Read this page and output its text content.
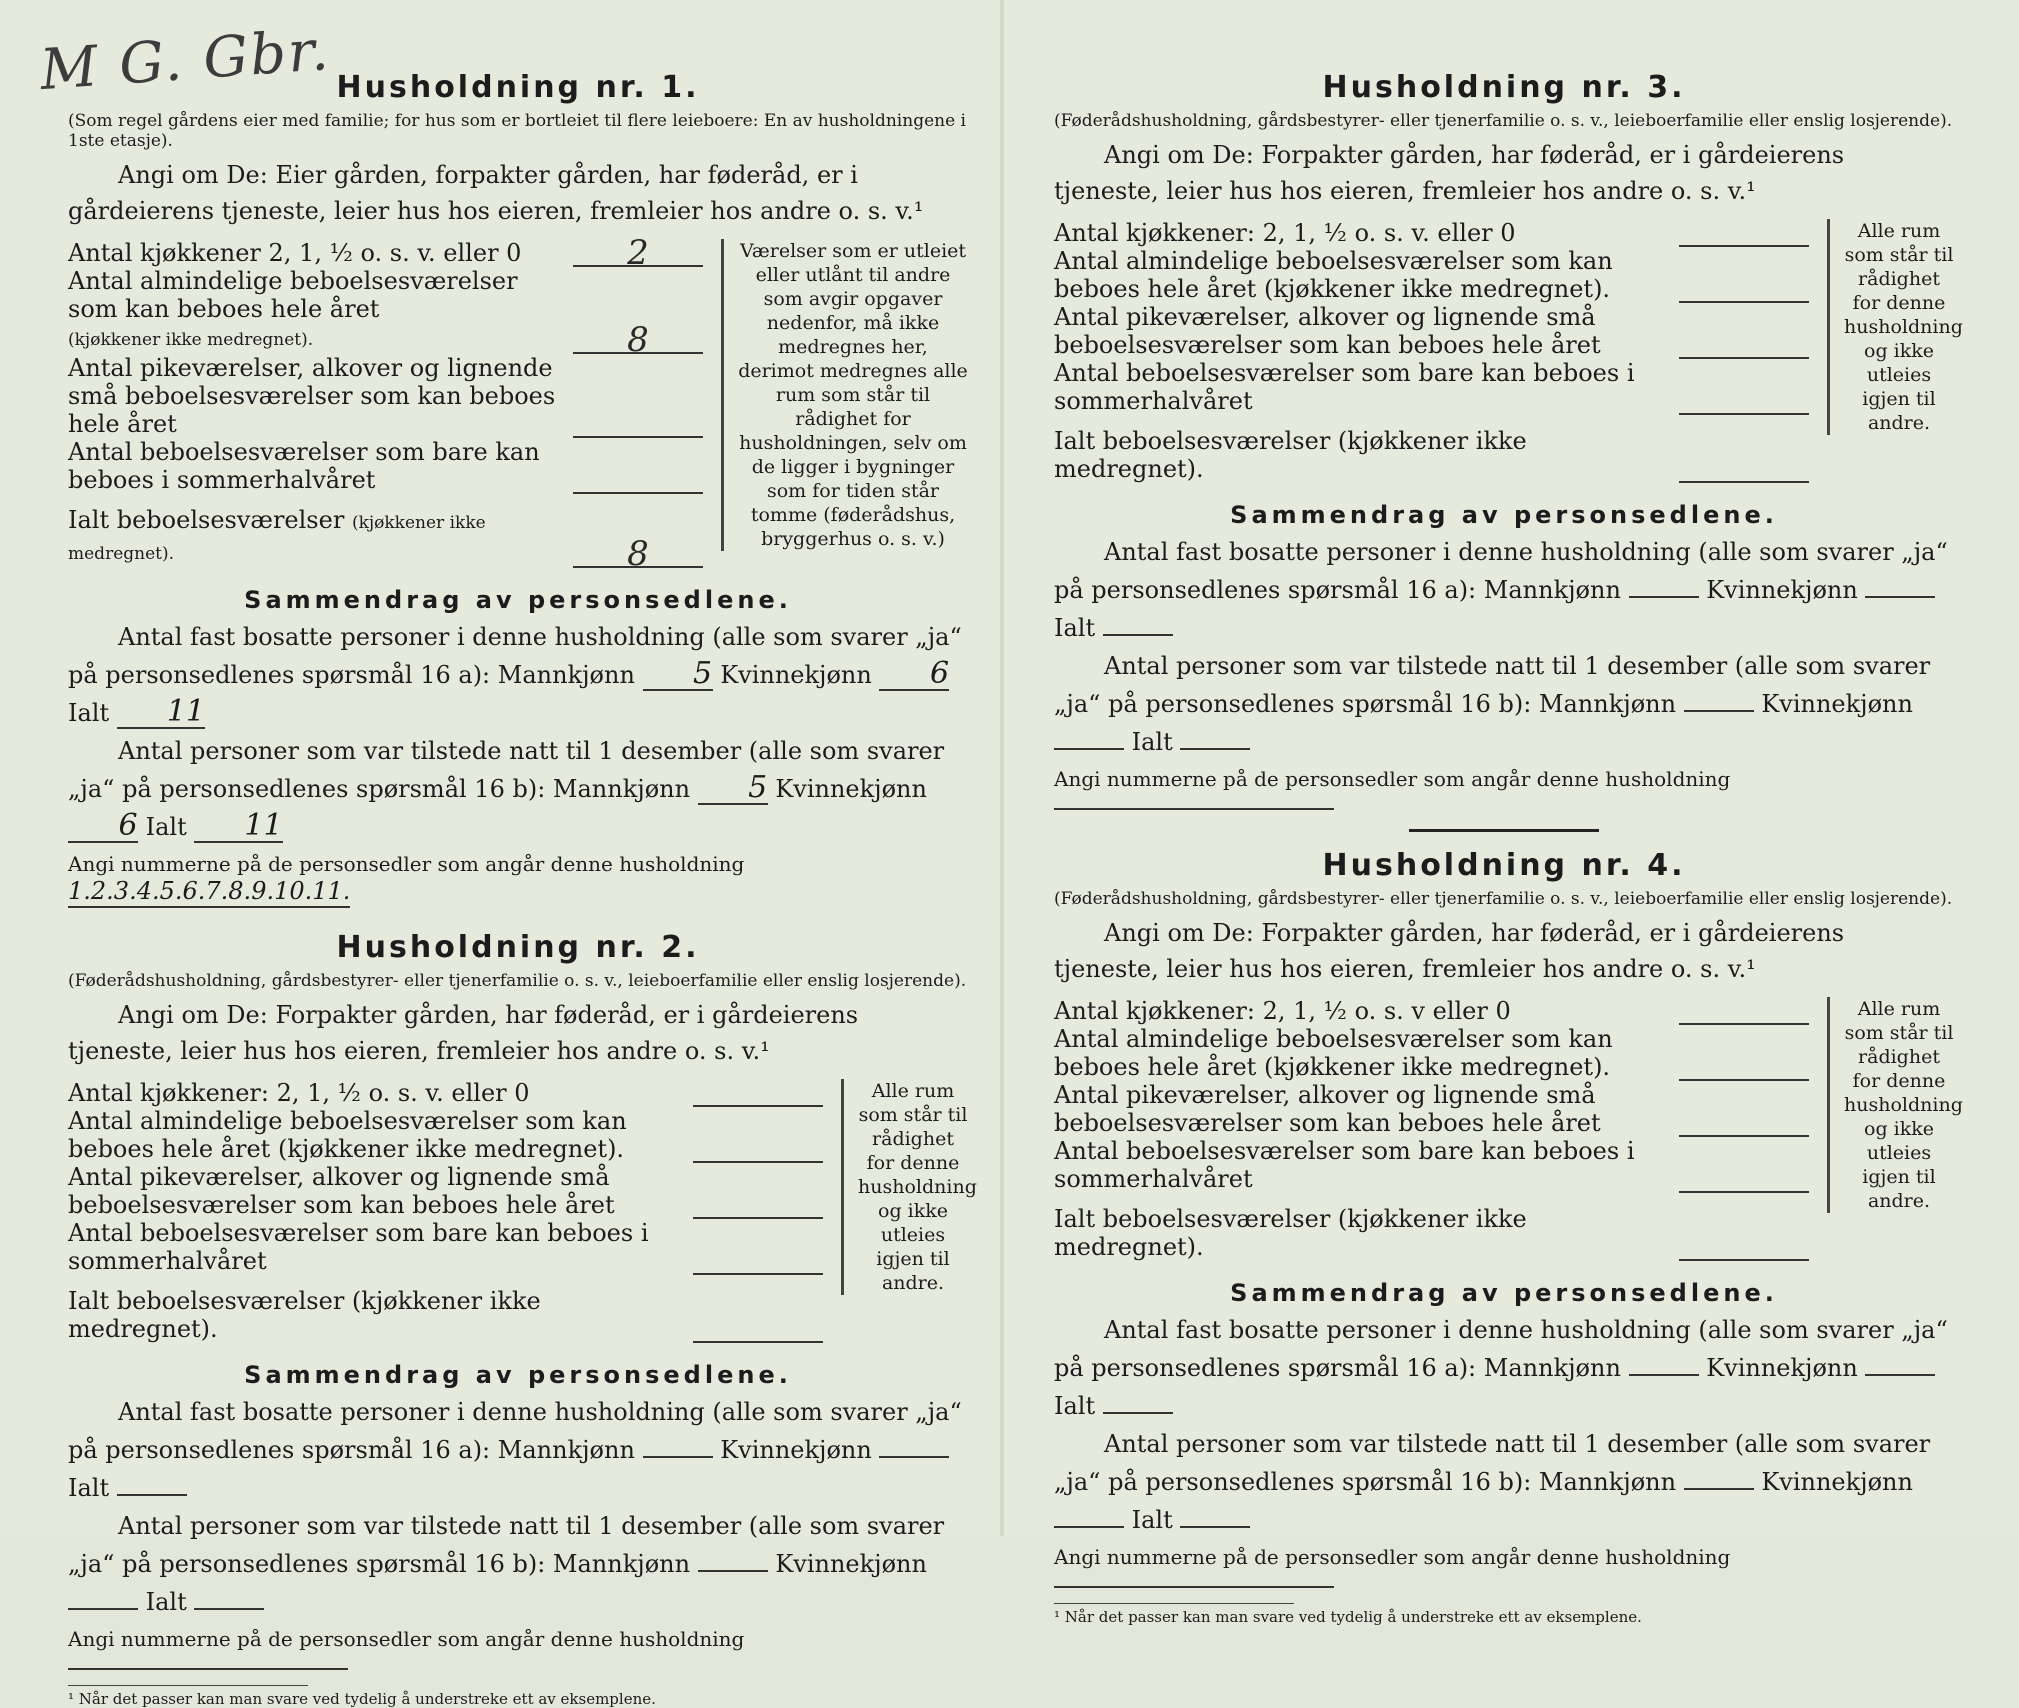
M G. Gbr. Husholdning nr. 1.
(Som regel gårdens eier med familie; for hus som er bortleiet til flere leieboere: En av husholdningene i 1ste etasje).
Angi om De: Eier gården, forpakter gården, har føderåd, er i gårdeierens tjeneste, leier hus hos eieren, fremleier hos andre o. s. v.¹
Antal kjøkkener 2, 1, ½ o. s. v. eller 0	2
Antal almindelige beboelsesværelser som kan beboes hele året
(kjøkkener ikke medregnet).	8
Antal pikeværelser, alkover og lignende små beboelsesværelser som kan beboes hele året
Antal beboelsesværelser som bare kan beboes i sommerhalvåret
Ialt beboelsesværelser (kjøkkener ikke medregnet).	8
Værelser som er utleiet eller utlånt til andre som avgir opgaver nedenfor, må ikke medregnes her, derimot medregnes alle rum som står til rådighet for husholdningen, selv om de ligger i bygninger som for tiden står tomme (føderådshus, bryggerhus o. s. v.)
Sammendrag av personsedlene.

Antal fast bosatte personer i denne husholdning (alle som svarer „ja“ på personsedlenes spørsmål 16 a): Mannkjønn 5 Kvinnekjønn 6 Ialt 11

Antal personer som var tilstede natt til 1 desember (alle som svarer „ja“ på personsedlenes spørsmål 16 b): Mannkjønn 5 Kvinnekjønn 6 Ialt 11

Angi nummerne på de personsedler som angår denne husholdning 1.2.3.4.5.6.7.8.9.10.11.

Husholdning nr. 2.
(Føderådshusholdning, gårdsbestyrer- eller tjenerfamilie o. s. v., leieboerfamilie eller enslig losjerende).
Angi om De: Forpakter gården, har føderåd, er i gårdeierens tjeneste, leier hus hos eieren, fremleier hos andre o. s. v.¹
Antal kjøkkener: 2, 1, ½ o. s. v. eller 0
Antal almindelige beboelsesværelser som kan beboes hele året (kjøkkener ikke medregnet).
Antal pikeværelser, alkover og lignende små beboelsesværelser som kan beboes hele året
Antal beboelsesværelser som bare kan beboes i sommerhalvåret
Ialt beboelsesværelser (kjøkkener ikke medregnet).
Alle rum som står til rådighet for denne husholdning og ikke utleies igjen til andre.
Sammendrag av personsedlene.

Antal fast bosatte personer i denne husholdning (alle som svarer „ja“ på personsedlenes spørsmål 16 a): Mannkjønn	Kvinnekjønn  Ialt

Antal personer som var tilstede natt til 1 desember (alle som svarer „ja“ på personsedlenes spørsmål 16 b): Mannkjønn	Kvinnekjønn  Ialt

Angi nummerne på de personsedler som angår denne husholdning

¹ Når det passer kan man svare ved tydelig å understreke ett av eksemplene.
Husholdning nr. 3.
(Føderådshusholdning, gårdsbestyrer- eller tjenerfamilie o. s. v., leieboerfamilie eller enslig losjerende).
Angi om De: Forpakter gården, har føderåd, er i gårdeierens tjeneste, leier hus hos eieren, fremleier hos andre o. s. v.¹
Antal kjøkkener: 2, 1, ½ o. s. v. eller 0
Antal almindelige beboelsesværelser som kan beboes hele året (kjøkkener ikke medregnet).
Antal pikeværelser, alkover og lignende små beboelsesværelser som kan beboes hele året
Antal beboelsesværelser som bare kan beboes i sommerhalvåret
Ialt beboelsesværelser (kjøkkener ikke medregnet).
Alle rum som står til rådighet for denne husholdning og ikke utleies igjen til andre.
Sammendrag av personsedlene.

Antal fast bosatte personer i denne husholdning (alle som svarer „ja“ på personsedlenes spørsmål 16 a): Mannkjønn	Kvinnekjønn  Ialt

Antal personer som var tilstede natt til 1 desember (alle som svarer „ja“ på personsedlenes spørsmål 16 b): Mannkjønn	Kvinnekjønn  Ialt

Angi nummerne på de personsedler som angår denne husholdning

Husholdning nr. 4.
(Føderådshusholdning, gårdsbestyrer- eller tjenerfamilie o. s. v., leieboerfamilie eller enslig losjerende).
Angi om De: Forpakter gården, har føderåd, er i gårdeierens tjeneste, leier hus hos eieren, fremleier hos andre o. s. v.¹
Antal kjøkkener: 2, 1, ½ o. s. v eller 0
Antal almindelige beboelsesværelser som kan beboes hele året (kjøkkener ikke medregnet).
Antal pikeværelser, alkover og lignende små beboelsesværelser som kan beboes hele året
Antal beboelsesværelser som bare kan beboes i sommerhalvåret
Ialt beboelsesværelser (kjøkkener ikke medregnet).
Alle rum som står til rådighet for denne husholdning og ikke utleies igjen til andre.
Sammendrag av personsedlene.

Antal fast bosatte personer i denne husholdning (alle som svarer „ja“ på personsedlenes spørsmål 16 a): Mannkjønn	Kvinnekjønn  Ialt

Antal personer som var tilstede natt til 1 desember (alle som svarer „ja“ på personsedlenes spørsmål 16 b): Mannkjønn	Kvinnekjønn  Ialt

Angi nummerne på de personsedler som angår denne husholdning

¹ Når det passer kan man svare ved tydelig å understreke ett av eksemplene.
